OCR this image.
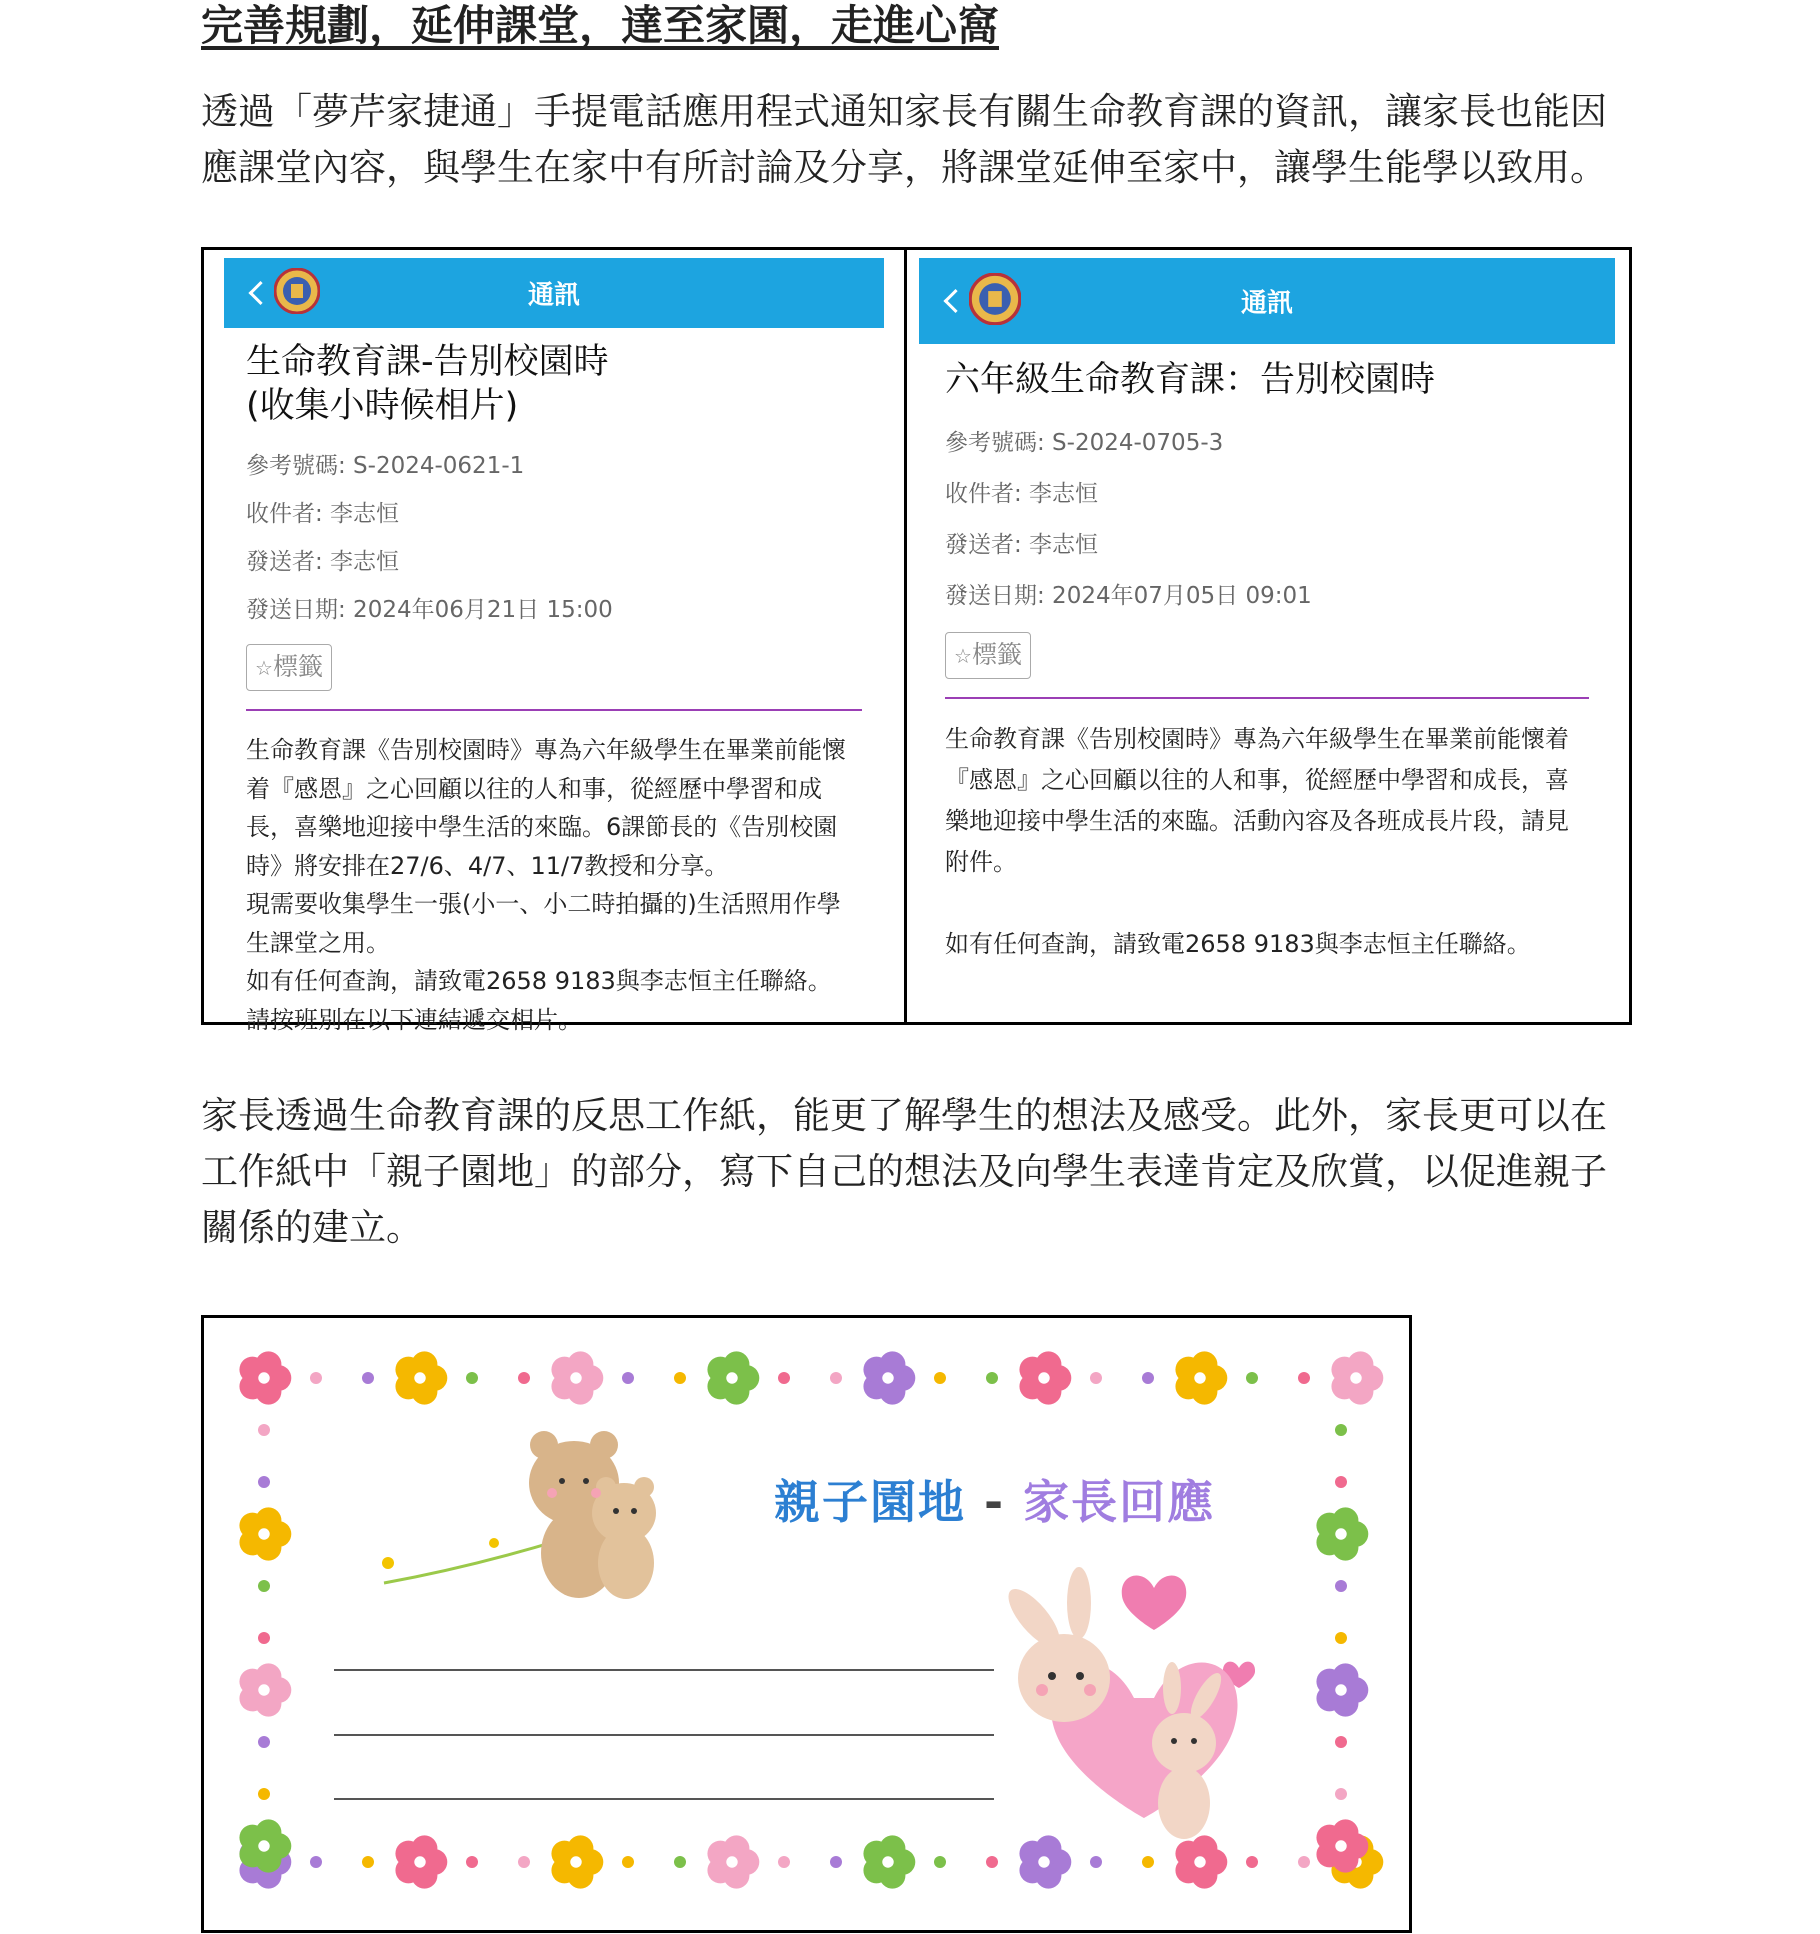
完善規劃，延伸課堂，達至家園，走進心窩

透過「夢芹家捷通」手提電話應用程式通知家長有關生命教育課的資訊，讓家長也能因應課堂內容，與學生在家中有所討論及分享，將課堂延伸至家中，讓學生能學以致用。

通訊
生命教育課-告別校園時
(收集小時候相片)

參考號碼: S-2024-0621-1

收件者: 李志恒

發送者: 李志恒

發送日期: 2024年06月21日 15:00

☆標籤

生命教育課《告別校園時》專為六年級學生在畢業前能懷着『感恩』之心回顧以往的人和事，從經歷中學習和成長，喜樂地迎接中學生活的來臨。6課節長的《告別校園時》將安排在27/6、4/7、11/7教授和分享。
現需要收集學生一張(小一、小二時拍攝的)生活照用作學生課堂之用。
如有任何查詢，請致電2658 9183與李志恒主任聯絡。
請按班別在以下連結遞交相片。

通訊
六年級生命教育課：告別校園時

參考號碼: S-2024-0705-3

收件者: 李志恒

發送者: 李志恒

發送日期: 2024年07月05日 09:01

☆標籤

生命教育課《告別校園時》專為六年級學生在畢業前能懷着『感恩』之心回顧以往的人和事，從經歷中學習和成長，喜樂地迎接中學生活的來臨。活動內容及各班成長片段，請見附件。

如有任何查詢，請致電2658 9183與李志恒主任聯絡。

家長透過生命教育課的反思工作紙，能更了解學生的想法及感受。此外，家長更可以在工作紙中「親子園地」的部分，寫下自己的想法及向學生表達肯定及欣賞，以促進親子關係的建立。

親子園地 - 家長回應
